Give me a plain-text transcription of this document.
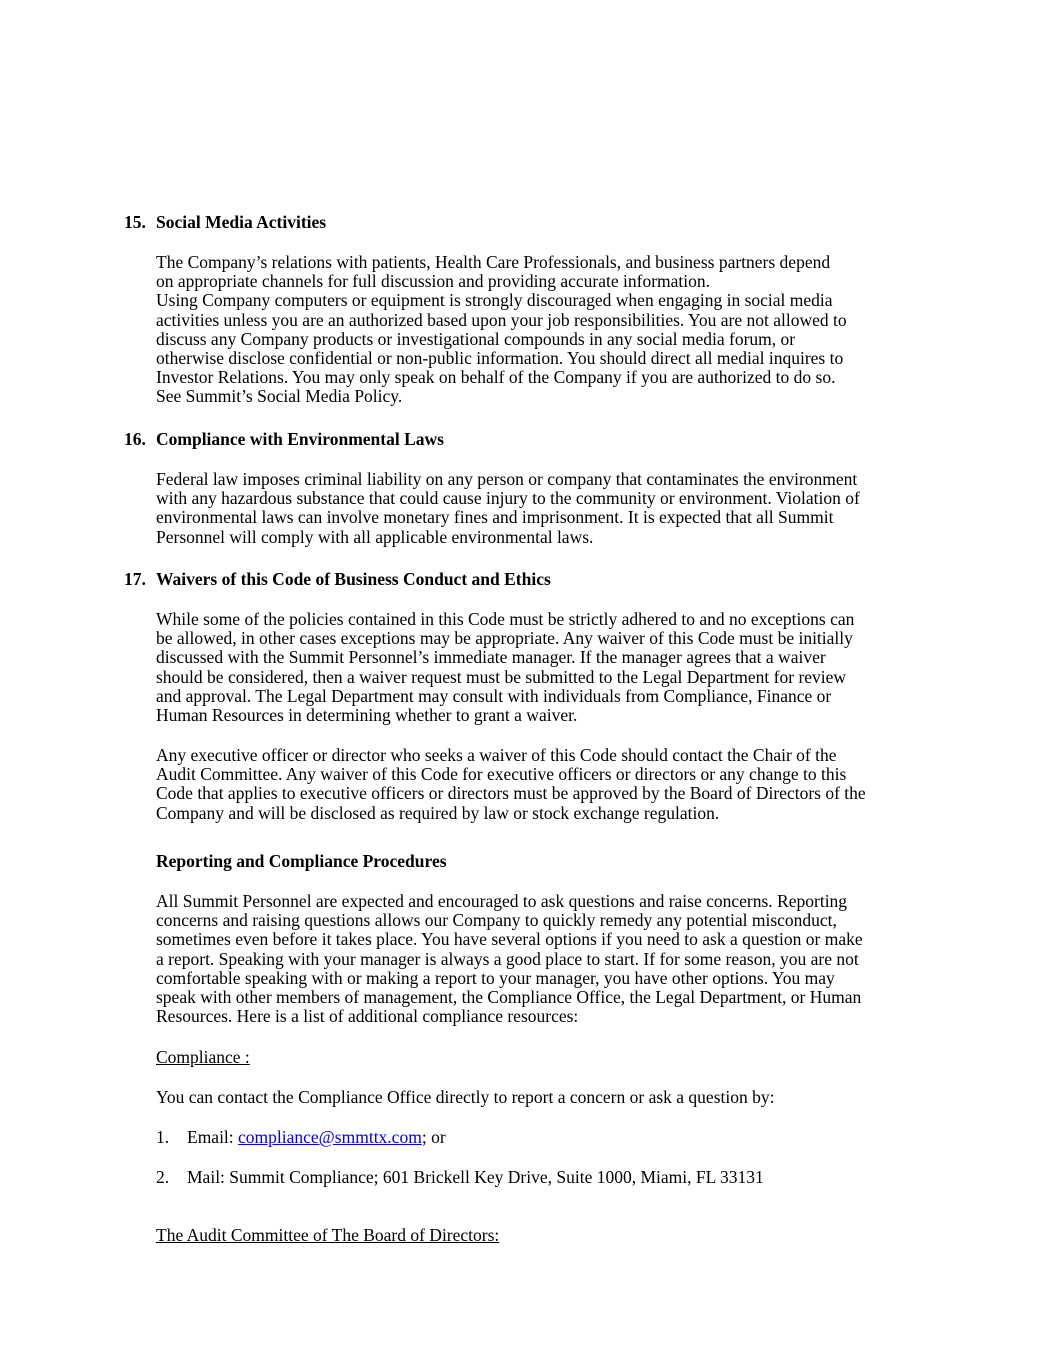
15. Social Media Activities
The Company’s relations with patients, Health Care Professionals, and business partners depend
on appropriate channels for full discussion and providing accurate information.
Using Company computers or equipment is strongly discouraged when engaging in social media
activities unless you are an authorized based upon your job responsibilities. You are not allowed to
discuss any Company products or investigational compounds in any social media forum, or
otherwise disclose confidential or non-public information. You should direct all medial inquires to
Investor Relations. You may only speak on behalf of the Company if you are authorized to do so.
See Summit’s Social Media Policy.
16. Compliance with Environmental Laws
Federal law imposes criminal liability on any person or company that contaminates the environment
with any hazardous substance that could cause injury to the community or environment. Violation of
environmental laws can involve monetary fines and imprisonment. It is expected that all Summit
Personnel will comply with all applicable environmental laws.
17. Waivers of this Code of Business Conduct and Ethics
While some of the policies contained in this Code must be strictly adhered to and no exceptions can
be allowed, in other cases exceptions may be appropriate. Any waiver of this Code must be initially
discussed with the Summit Personnel’s immediate manager. If the manager agrees that a waiver
should be considered, then a waiver request must be submitted to the Legal Department for review
and approval. The Legal Department may consult with individuals from Compliance, Finance or
Human Resources in determining whether to grant a waiver.
Any executive officer or director who seeks a waiver of this Code should contact the Chair of the
Audit Committee. Any waiver of this Code for executive officers or directors or any change to this
Code that applies to executive officers or directors must be approved by the Board of Directors of the
Company and will be disclosed as required by law or stock exchange regulation.
Reporting and Compliance Procedures
All Summit Personnel are expected and encouraged to ask questions and raise concerns. Reporting
concerns and raising questions allows our Company to quickly remedy any potential misconduct,
sometimes even before it takes place. You have several options if you need to ask a question or make
a report. Speaking with your manager is always a good place to start. If for some reason, you are not
comfortable speaking with or making a report to your manager, you have other options. You may
speak with other members of management, the Compliance Office, the Legal Department, or Human
Resources. Here is a list of additional compliance resources:
Compliance :
You can contact the Compliance Office directly to report a concern or ask a question by:
1. Email: compliance@smmttx.com; or
2. Mail: Summit Compliance; 601 Brickell Key Drive, Suite 1000, Miami, FL 33131
The Audit Committee of The Board of Directors:
